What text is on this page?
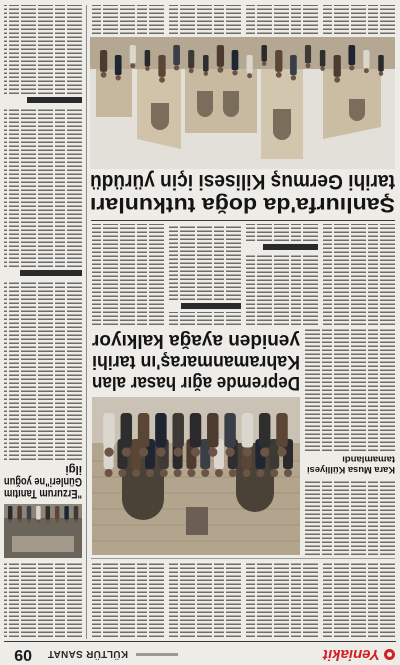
Yeniakit
KÜLTÜR SANAT
09
Kara Musa Külliyesi
tamamlandı
Depremde ağır hasar alan
Kahramanmaraş'ın tarihi
yeniden ayağa kalkıyor
Şanlıurfa'da doğa tutkunları
tarihi Germuş Kilisesi için yürüdü
"Erzurum Tanıtım
Günleri"ne yoğun
ilgi
